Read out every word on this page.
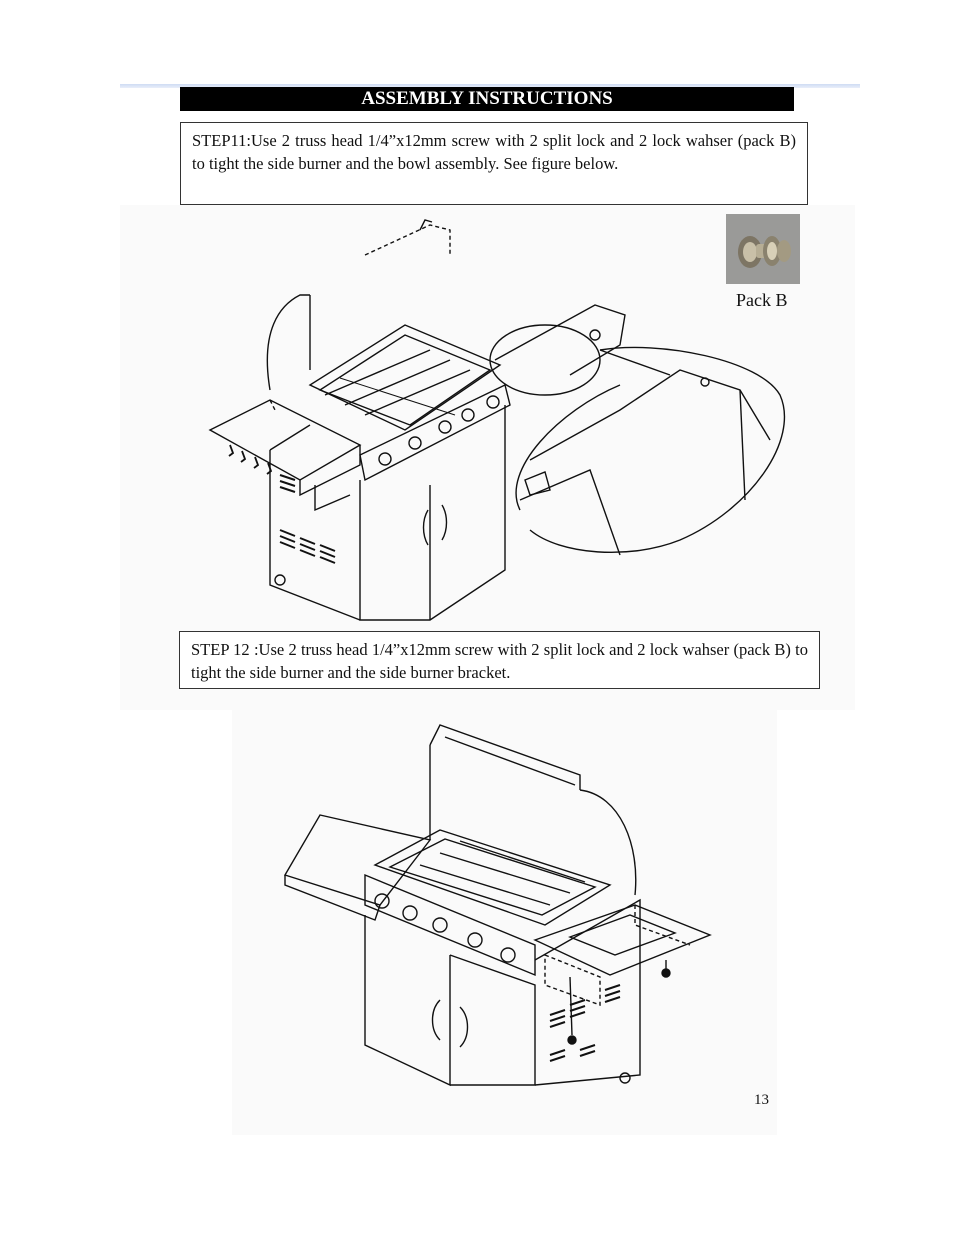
ASSEMBLY INSTRUCTIONS
STEP11:Use 2 truss head 1/4”x12mm screw with 2 split lock and 2 lock wahser (pack B) to tight the side burner and the bowl assembly. See figure below.
Pack B
STEP 12 :Use 2 truss head 1/4”x12mm screw with 2 split lock and 2 lock wahser (pack B) to tight the side burner and the side burner bracket.
13
